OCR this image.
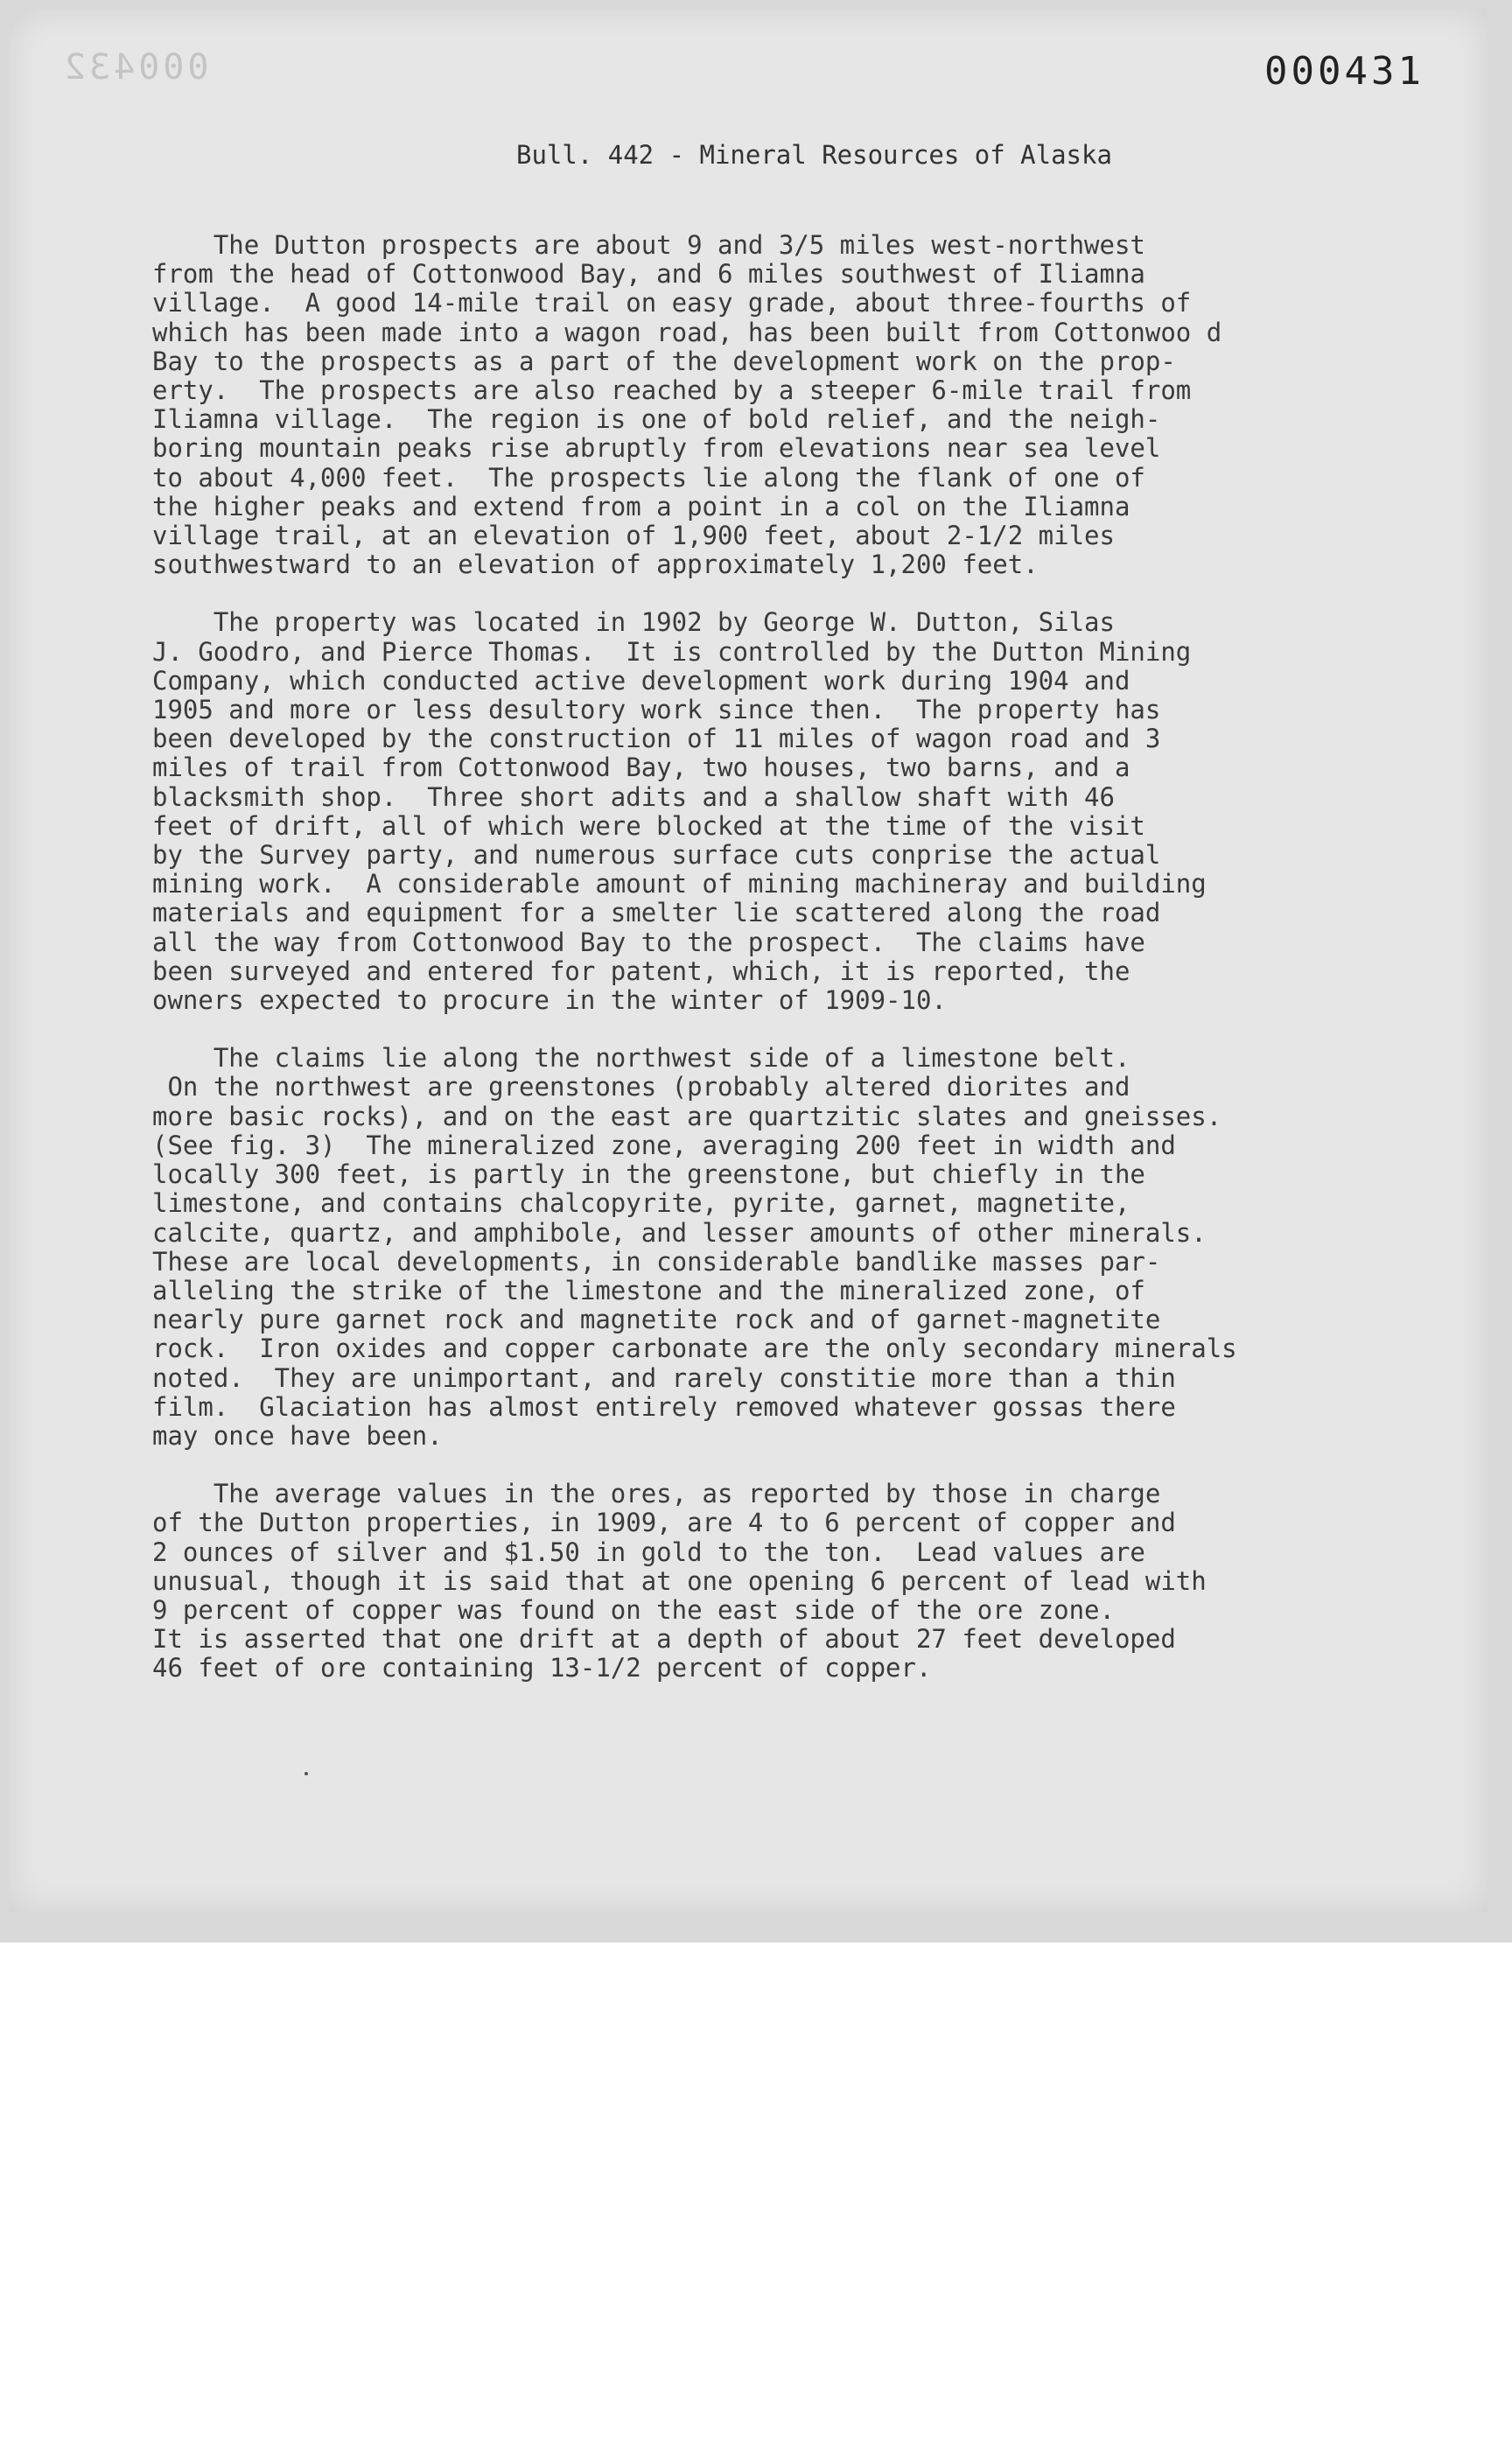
000432	000431
Bull. 442 - Mineral Resources of Alaska
The Dutton prospects are about 9 and 3/5 miles west-northwest
from the head of Cottonwood Bay, and 6 miles southwest of Iliamna
village.  A good 14-mile trail on easy grade, about three-fourths of
which has been made into a wagon road, has been built from Cottonwoo d
Bay to the prospects as a part of the development work on the prop-
erty.  The prospects are also reached by a steeper 6-mile trail from
Iliamna village.  The region is one of bold relief, and the neigh-
boring mountain peaks rise abruptly from elevations near sea level
to about 4,000 feet.  The prospects lie along the flank of one of
the higher peaks and extend from a point in a col on the Iliamna
village trail, at an elevation of 1,900 feet, about 2-1/2 miles
southwestward to an elevation of approximately 1,200 feet.
The property was located in 1902 by George W. Dutton, Silas
J. Goodro, and Pierce Thomas.  It is controlled by the Dutton Mining
Company, which conducted active development work during 1904 and
1905 and more or less desultory work since then.  The property has
been developed by the construction of 11 miles of wagon road and 3
miles of trail from Cottonwood Bay, two houses, two barns, and a
blacksmith shop.  Three short adits and a shallow shaft with 46
feet of drift, all of which were blocked at the time of the visit
by the Survey party, and numerous surface cuts conprise the actual
mining work.  A considerable amount of mining machineray and building
materials and equipment for a smelter lie scattered along the road
all the way from Cottonwood Bay to the prospect.  The claims have
been surveyed and entered for patent, which, it is reported, the
owners expected to procure in the winter of 1909-10.
The claims lie along the northwest side of a limestone belt.
On the northwest are greenstones (probably altered diorites and
more basic rocks), and on the east are quartzitic slates and gneisses.
(See fig. 3)  The mineralized zone, averaging 200 feet in width and
locally 300 feet, is partly in the greenstone, but chiefly in the
limestone, and contains chalcopyrite, pyrite, garnet, magnetite,
calcite, quartz, and amphibole, and lesser amounts of other minerals.
These are local developments, in considerable bandlike masses par-
alleling the strike of the limestone and the mineralized zone, of
nearly pure garnet rock and magnetite rock and of garnet-magnetite
rock.  Iron oxides and copper carbonate are the only secondary minerals
noted.  They are unimportant, and rarely constitie more than a thin
film.  Glaciation has almost entirely removed whatever gossas there
may once have been.
The average values in the ores, as reported by those in charge
of the Dutton properties, in 1909, are 4 to 6 percent of copper and
2 ounces of silver and $1.50 in gold to the ton.  Lead values are
unusual, though it is said that at one opening 6 percent of lead with
9 percent of copper was found on the east side of the ore zone.
It is asserted that one drift at a depth of about 27 feet developed
46 feet of ore containing 13-1/2 percent of copper.
